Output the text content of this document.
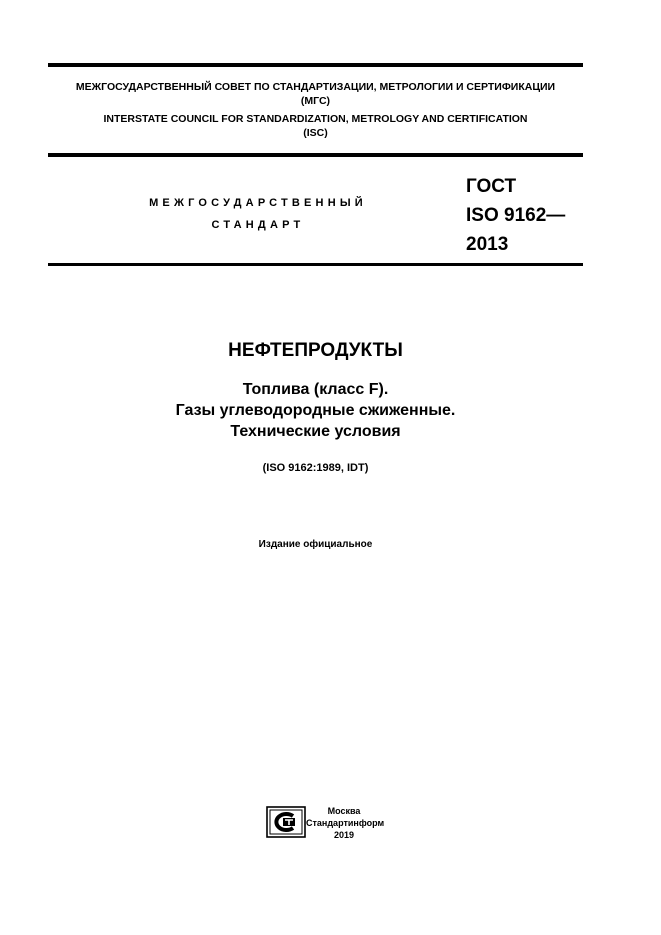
МЕЖГОСУДАРСТВЕННЫЙ СОВЕТ ПО СТАНДАРТИЗАЦИИ, МЕТРОЛОГИИ И СЕРТИФИКАЦИИ
(МГС)
INTERSTATE COUNCIL FOR STANDARDIZATION, METROLOGY AND CERTIFICATION
(ISC)
МЕЖГОСУДАРСТВЕННЫЙ
СТАНДАРТ
ГОСТ
ISO 9162—
2013
НЕФТЕПРОДУКТЫ
Топлива (класс F).
Газы углеводородные сжиженные.
Технические условия
(ISO 9162:1989, IDT)
Издание официальное
Москва
Стандартинформ
2019
